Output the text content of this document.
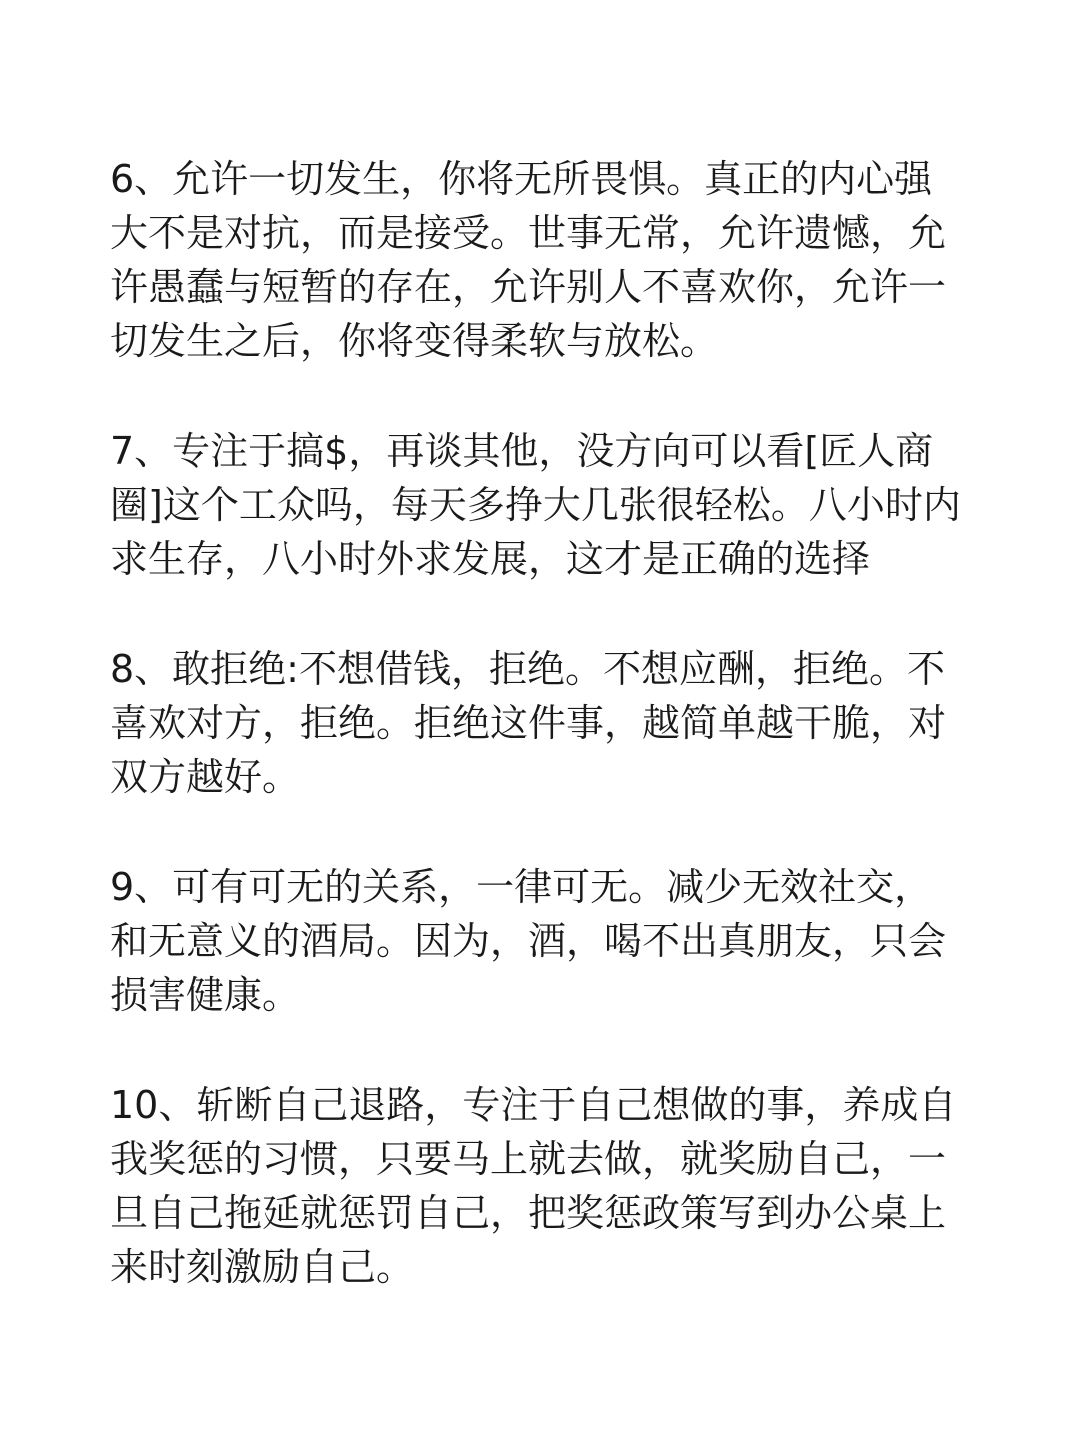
6、允许一切发生，你将无所畏惧。真正的内心强大不是对抗，而是接受。世事无常，允许遗憾，允许愚蠢与短暂的存在，允许别人不喜欢你，允许一切发生之后，你将变得柔软与放松。

7、专注于搞$，再谈其他，没方向可以看[匠人商圈]这个工众吗，每天多挣大几张很轻松。八小时内求生存，八小时外求发展，这才是正确的选择

8、敢拒绝:不想借钱，拒绝。不想应酬，拒绝。不喜欢对方，拒绝。拒绝这件事，越简单越干脆，对双方越好。

9、可有可无的关系，一律可无。减少无效社交，和无意义的酒局。因为，酒，喝不出真朋友，只会损害健康。

10、斩断自己退路，专注于自己想做的事，养成自我奖惩的习惯，只要马上就去做，就奖励自己，一旦自己拖延就惩罚自己，把奖惩政策写到办公桌上来时刻激励自己。
